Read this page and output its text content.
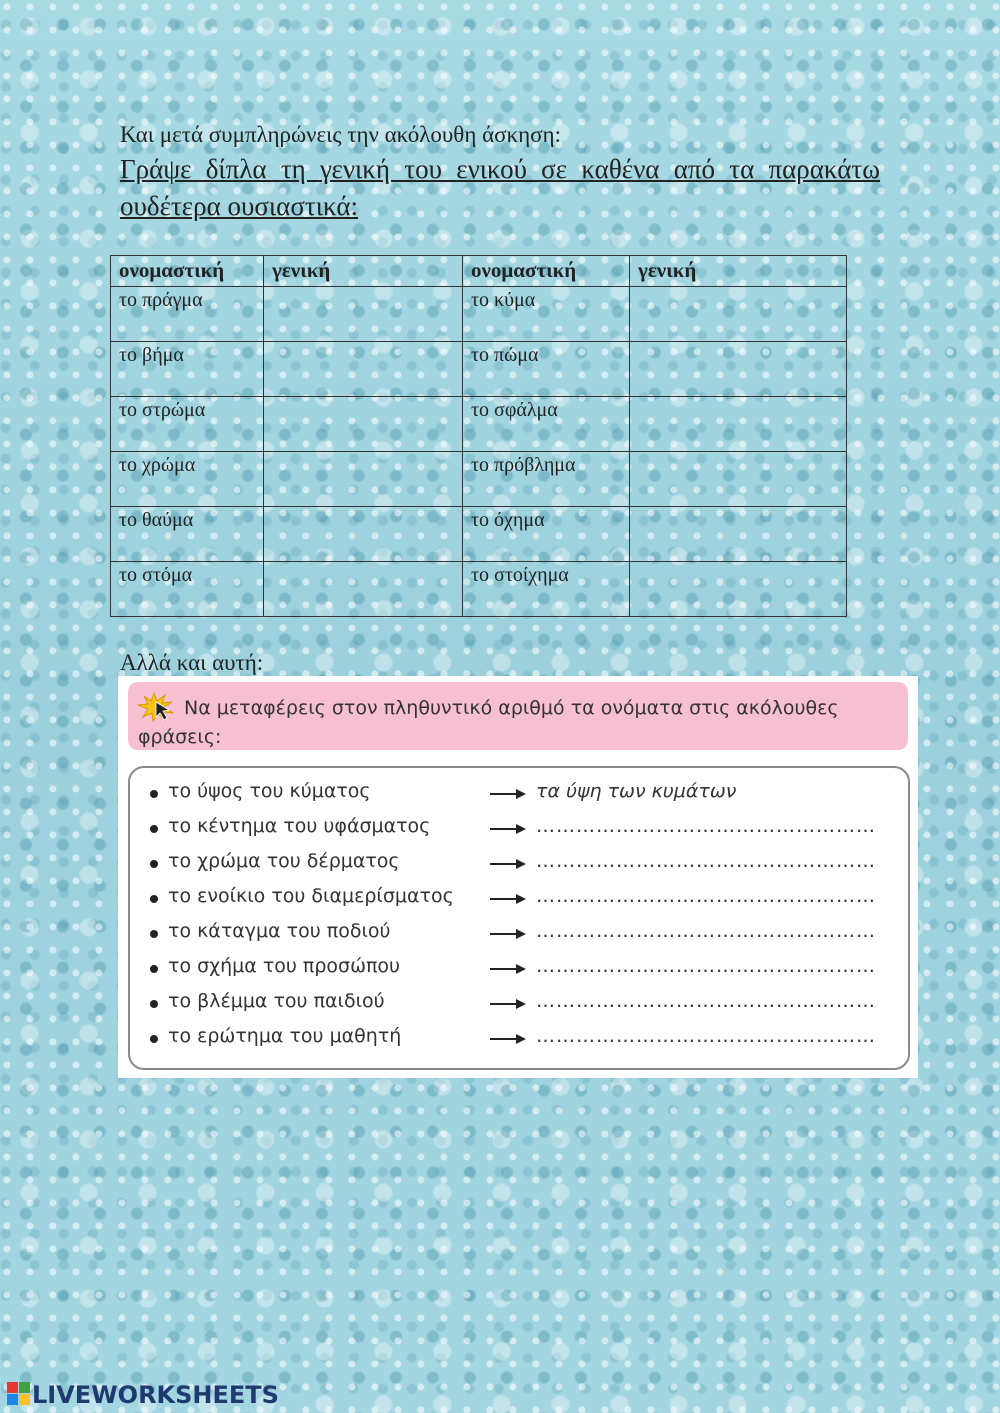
Και μετά συμπληρώνεις την ακόλουθη άσκηση:
Γράψε δίπλα τη γενική του ενικού σε καθένα από τα παρακάτω ουδέτερα ουσιαστικά:
ονομαστική	γενική	ονομαστική	γενική
το πράγμα		το κύμα	
το βήμα		το πώμα	
το στρώμα		το σφάλμα	
το χρώμα		το πρόβλημα	
το θαύμα		το όχημα	
το στόμα		το στοίχημα	
Αλλά και αυτή:
Να μεταφέρεις στον πληθυντικό αριθμό τα ονόματα στις ακόλουθες φράσεις:
το ύψος του κύματος	τα ύψη των κυμάτων
το κέντημα του υφάσματος	……………………………………………
το χρώμα του δέρματος	……………………………………………
το ενοίκιο του διαμερίσματος	……………………………………………
το κάταγμα του ποδιού	……………………………………………
το σχήμα του προσώπου	……………………………………………
το βλέμμα του παιδιού	……………………………………………
το ερώτημα του μαθητή	……………………………………………
LIVEWORKSHEETS
